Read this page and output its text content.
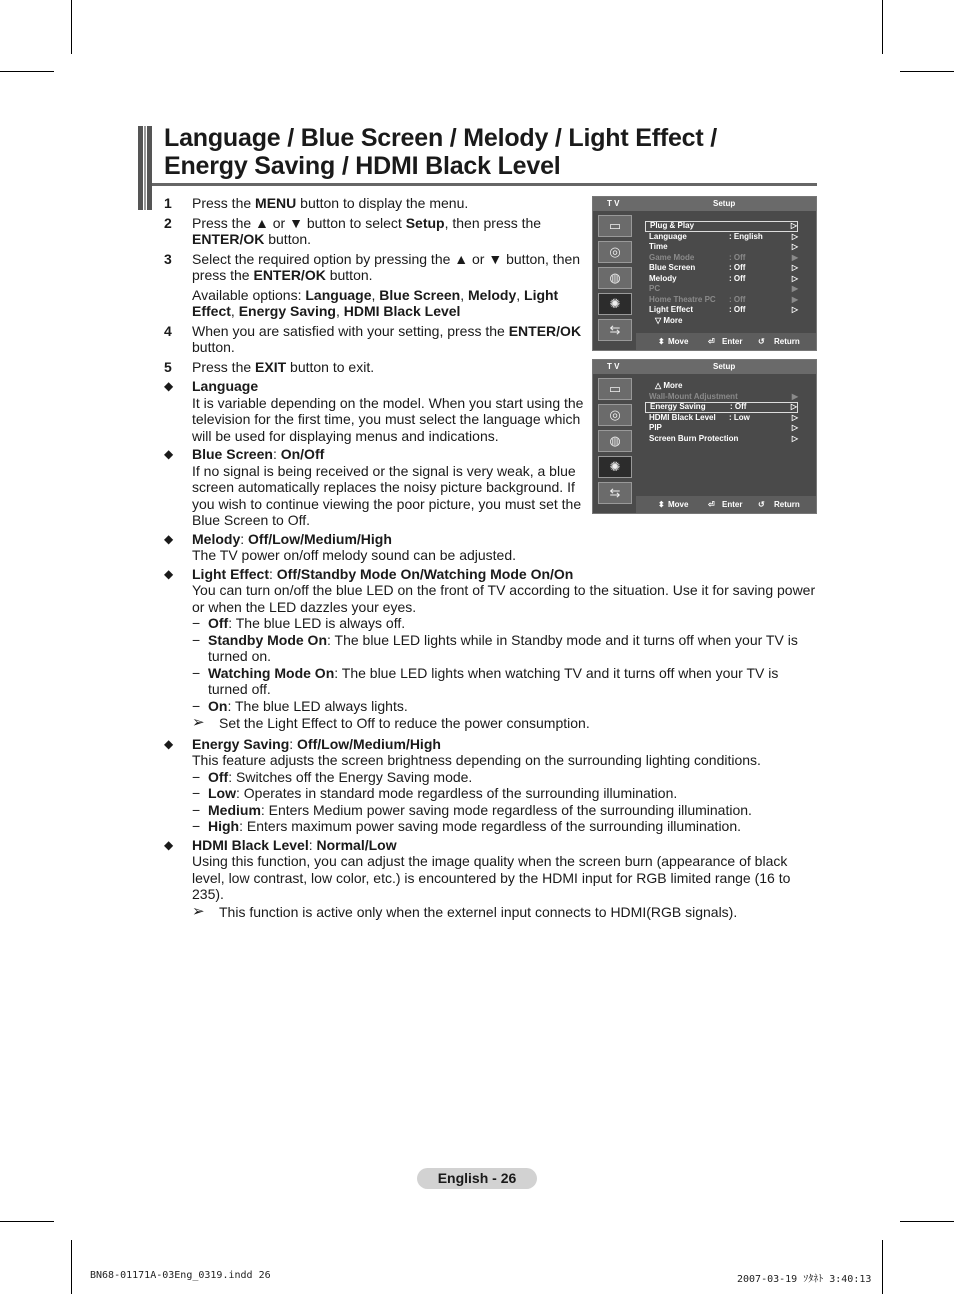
Language / Blue Screen / Melody / Light Effect /
Energy Saving / HDMI Black Level
1	Press the MENU button to display the menu.
2	Press the ▲ or ▼ button to select Setup, then press the ENTER/OK button.
3	Select the required option by pressing the ▲ or ▼ button, then press the ENTER/OK button.
Available options: Language, Blue Screen, Melody, Light Effect, Energy Saving, HDMI Black Level
4	When you are satisfied with your setting, press the ENTER/OK button.
5	Press the EXIT button to exit.
◆	Language
It is variable depending on the model. When you start using the television for the first time, you must select the language which will be used for displaying menus and indications.
◆	Blue Screen: On/Off
If no signal is being received or the signal is very weak, a blue screen automatically replaces the noisy picture background. If you wish to continue viewing the poor picture, you must set the Blue Screen to Off.
◆	Melody: Off/Low/Medium/High
The TV power on/off melody sound can be adjusted.
◆	Light Effect: Off/Standby Mode On/Watching Mode On/On
You can turn on/off the blue LED on the front of TV according to the situation. Use it for saving power or when the LED dazzles your eyes.
− Off: The blue LED is always off.
− Standby Mode On: The blue LED lights while in Standby mode and it turns off when your TV is turned on.
− Watching Mode On: The blue LED lights when watching TV and it turns off when your TV is turned off.
− On: The blue LED always lights.
➢	Set the Light Effect to Off to reduce the power consumption.
◆	Energy Saving: Off/Low/Medium/High
This feature adjusts the screen brightness depending on the surrounding lighting conditions.
− Off: Switches off the Energy Saving mode.
− Low: Operates in standard mode regardless of the surrounding illumination.
− Medium: Enters Medium power saving mode regardless of the surrounding illumination.
− High: Enters maximum power saving mode regardless of the surrounding illumination.
◆	HDMI Black Level: Normal/Low
Using this function, you can adjust the image quality when the screen burn (appearance of black level, low contrast, low color, etc.) is encountered by the HDMI input for RGB limited range (16 to 235).
➢	This function is active only when the externel input connects to HDMI(RGB signals).
T V	Setup
▭
◎
◍
✺
⇆
Plug & Play	▷
Language	: English	▷
Time	▷
Game Mode	: Off	▶
Blue Screen	: Off	▷
Melody	: Off	▷
PC	▶
Home Theatre PC : Off	▶
Light Effect	: Off	▷
▽ More
⬍ Move ⏎ Enter ↺ Return
T V	Setup
▭
◎
◍
✺
⇆
△ More
Wall-Mount Adjustment	▶
Energy Saving	: Off	▷
HDMI Black Level : Low	▷
PIP	▷
Screen Burn Protection	▷
⬍ Move ⏎ Enter ↺ Return
English - 26
BN68-01171A-03Eng_0319.indd 26	2007-03-19 ｿﾀﾈﾄ 3:40:13
